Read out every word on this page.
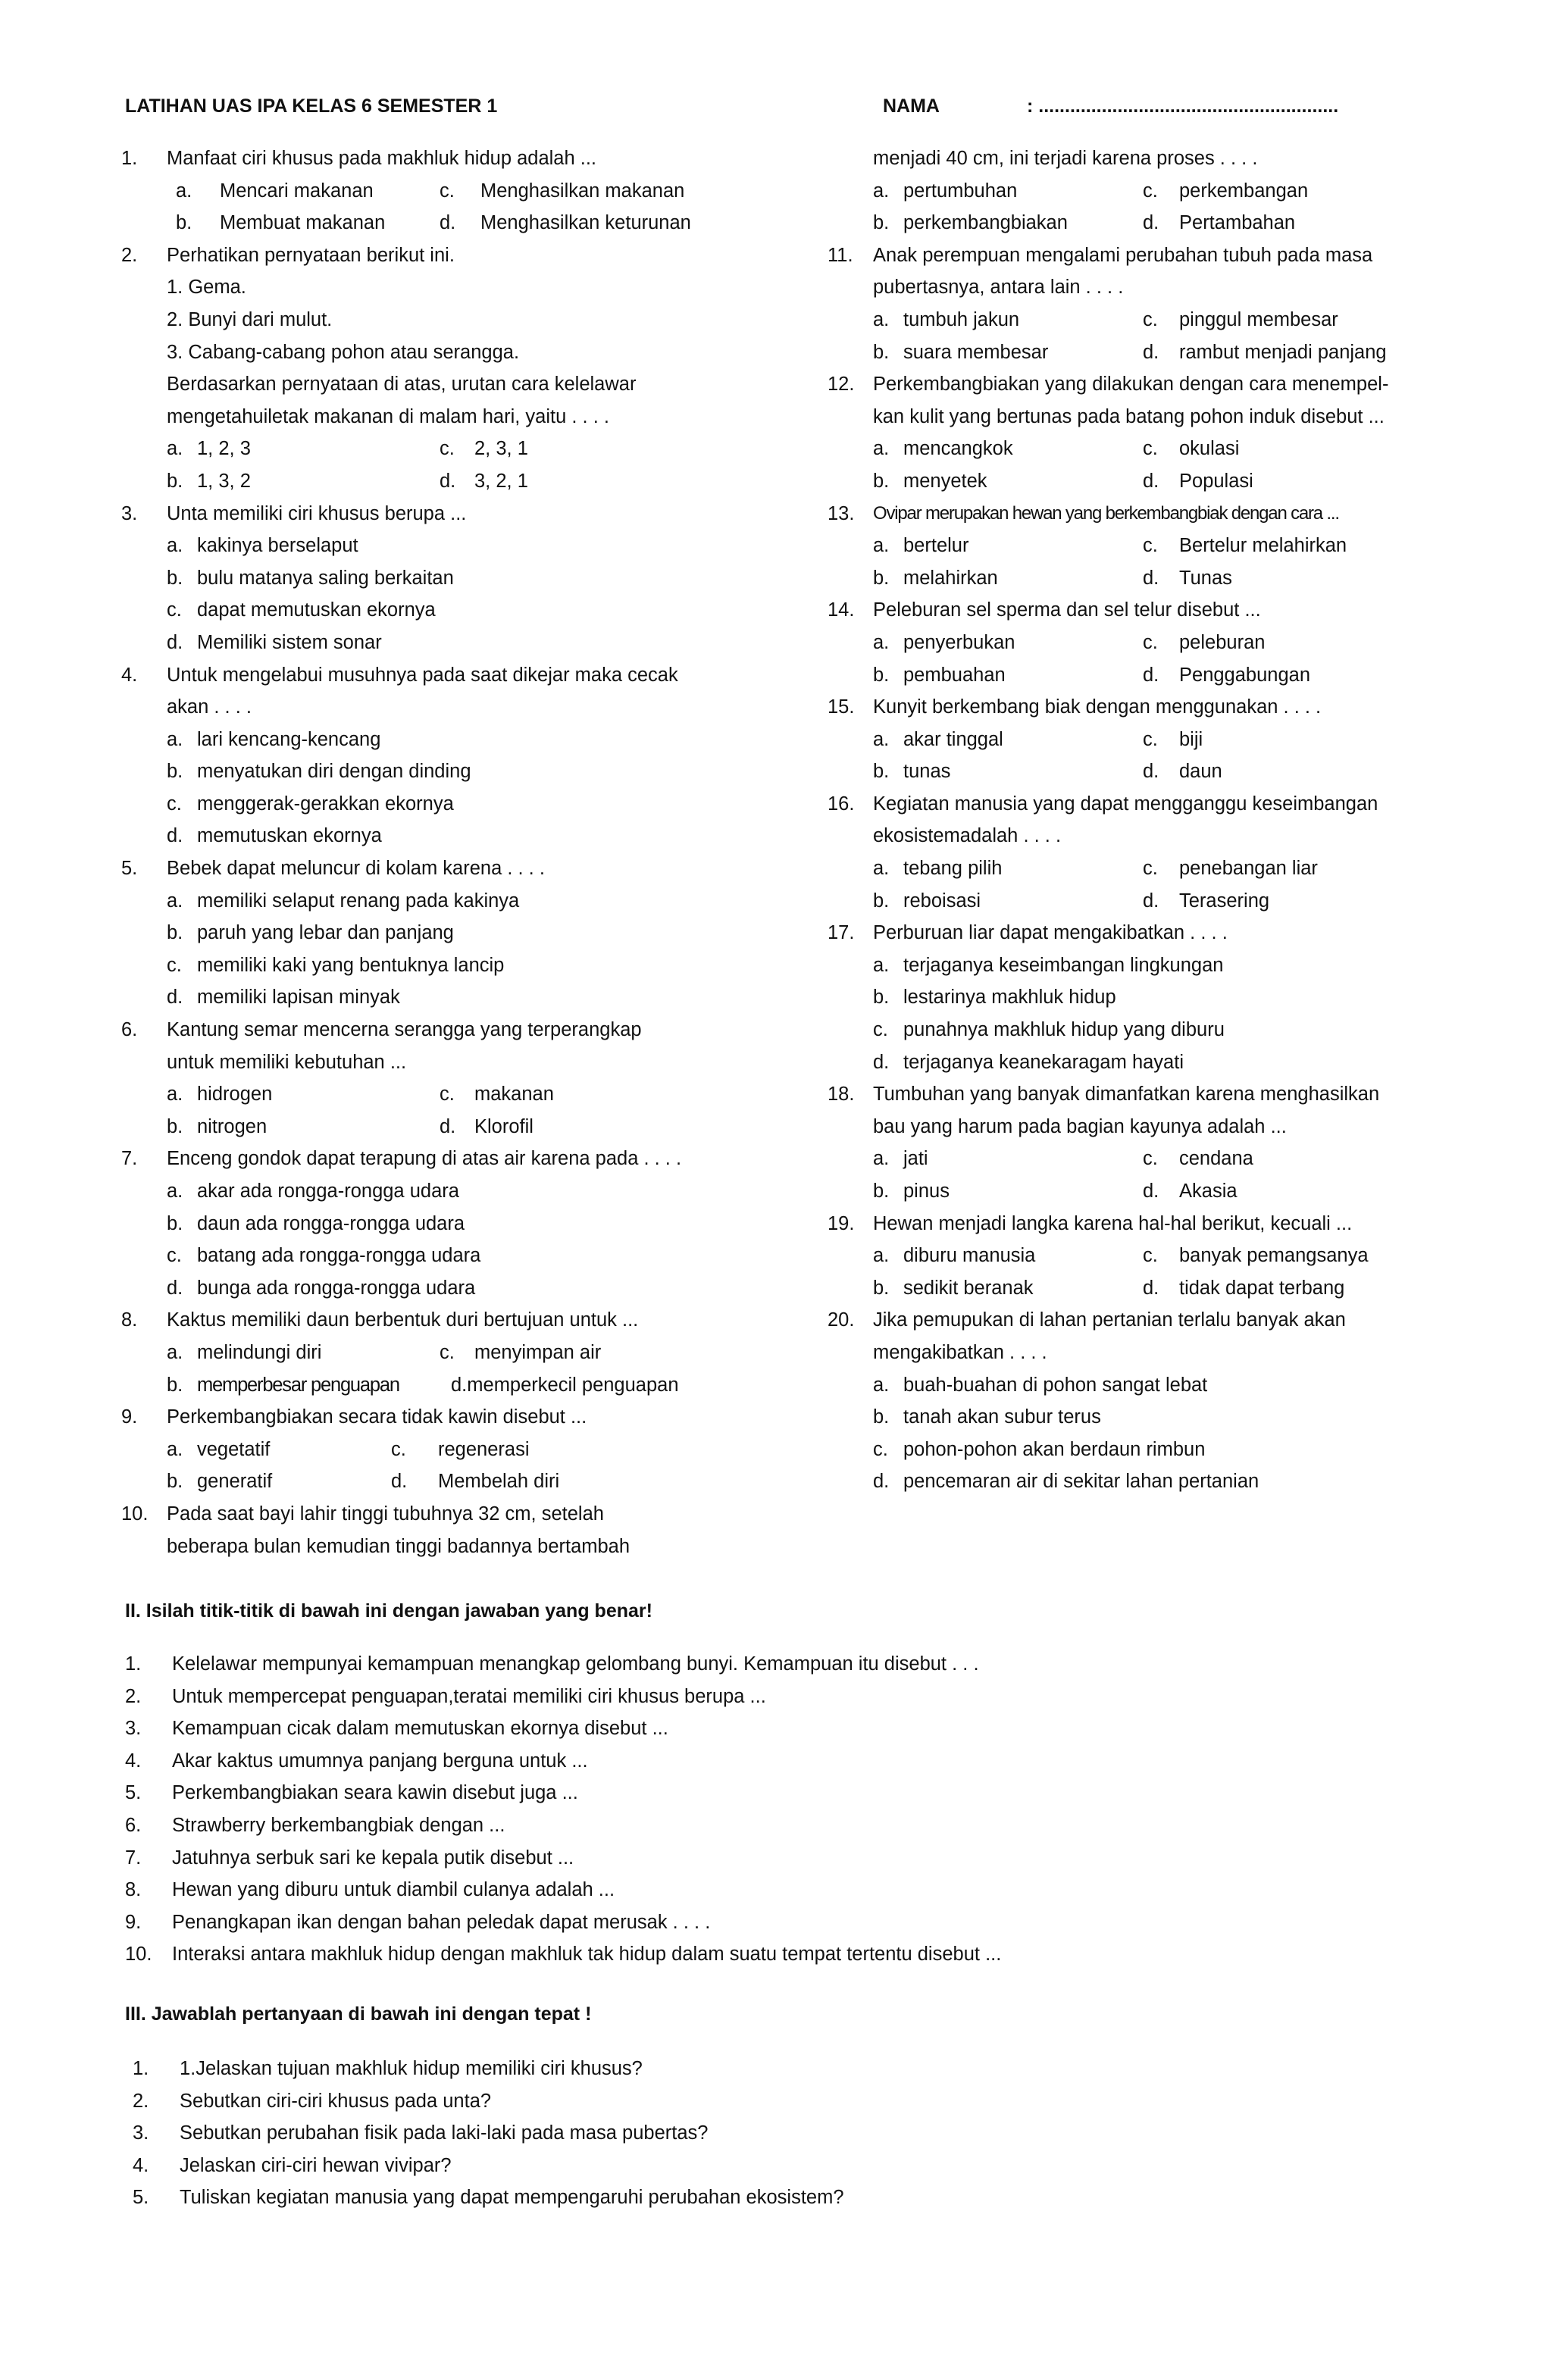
LATIHAN UAS IPA KELAS 6 SEMESTER 1	NAMA	: .........................................................
1. Manfaat ciri khusus pada makhluk hidup adalah ...
a. Mencari makanan	c. Menghasilkan makanan
b. Membuat makanan	d. Menghasilkan keturunan
2. Perhatikan pernyataan berikut ini.
1. Gema.
2. Bunyi dari mulut.
3. Cabang-cabang pohon atau serangga.
Berdasarkan pernyataan di atas, urutan cara kelelawar
mengetahuiletak makanan di malam hari, yaitu . . . .
a. 1, 2, 3	c. 2, 3, 1
b. 1, 3, 2	d. 3, 2, 1
3. Unta memiliki ciri khusus berupa ...
a. kakinya berselaput
b. bulu matanya saling berkaitan
c. dapat memutuskan ekornya
d. Memiliki sistem sonar
4. Untuk mengelabui musuhnya pada saat dikejar maka cecak
akan . . . .
a. lari kencang-kencang
b. menyatukan diri dengan dinding
c. menggerak-gerakkan ekornya
d. memutuskan ekornya
5. Bebek dapat meluncur di kolam karena . . . .
a. memiliki selaput renang pada kakinya
b. paruh yang lebar dan panjang
c. memiliki kaki yang bentuknya lancip
d. memiliki lapisan minyak
6. Kantung semar mencerna serangga yang terperangkap
untuk memiliki kebutuhan ...
a. hidrogen	c. makanan
b. nitrogen	d. Klorofil
7. Enceng gondok dapat terapung di atas air karena pada . . . .
a. akar ada rongga-rongga udara
b. daun ada rongga-rongga udara
c. batang ada rongga-rongga udara
d. bunga ada rongga-rongga udara
8. Kaktus memiliki daun berbentuk duri bertujuan untuk ...
a. melindungi diri	c. menyimpan air
b. memperbesar penguapan	d.memperkecil penguapan
9. Perkembangbiakan secara tidak kawin disebut ...
a. vegetatif	c. regenerasi
b. generatif	d. Membelah diri
10. Pada saat bayi lahir tinggi tubuhnya 32 cm, setelah
beberapa bulan kemudian tinggi badannya bertambah
menjadi 40 cm, ini terjadi karena proses . . . .
a. pertumbuhan	c. perkembangan
b. perkembangbiakan	d. Pertambahan
11. Anak perempuan mengalami perubahan tubuh pada masa
pubertasnya, antara lain . . . .
a. tumbuh jakun	c. pinggul membesar
b. suara membesar	d. rambut menjadi panjang
12. Perkembangbiakan yang dilakukan dengan cara menempel-
kan kulit yang bertunas pada batang pohon induk disebut ...
a. mencangkok	c. okulasi
b. menyetek	d. Populasi
13. Ovipar merupakan hewan yang berkembangbiak dengan cara ...
a. bertelur	c. Bertelur melahirkan
b. melahirkan	d. Tunas
14. Peleburan sel sperma dan sel telur disebut ...
a. penyerbukan	c. peleburan
b. pembuahan	d. Penggabungan
15. Kunyit berkembang biak dengan menggunakan . . . .
a. akar tinggal	c. biji
b. tunas	d. daun
16. Kegiatan manusia yang dapat mengganggu keseimbangan
ekosistemadalah . . . .
a. tebang pilih	c. penebangan liar
b. reboisasi	d. Terasering
17. Perburuan liar dapat mengakibatkan . . . .
a. terjaganya keseimbangan lingkungan
b. lestarinya makhluk hidup
c. punahnya makhluk hidup yang diburu
d. terjaganya keanekaragam hayati
18. Tumbuhan yang banyak dimanfatkan karena menghasilkan
bau yang harum pada bagian kayunya adalah ...
a. jati	c. cendana
b. pinus	d. Akasia
19. Hewan menjadi langka karena hal-hal berikut, kecuali ...
a. diburu manusia	c. banyak pemangsanya
b. sedikit beranak	d. tidak dapat terbang
20. Jika pemupukan di lahan pertanian terlalu banyak akan
mengakibatkan . . . .
a. buah-buahan di pohon sangat lebat
b. tanah akan subur terus
c. pohon-pohon akan berdaun rimbun
d. pencemaran air di sekitar lahan pertanian
II. Isilah titik-titik di bawah ini dengan jawaban yang benar!
1. Kelelawar mempunyai kemampuan menangkap gelombang bunyi. Kemampuan itu disebut . . .
2. Untuk mempercepat penguapan,teratai memiliki ciri khusus berupa ...
3. Kemampuan cicak dalam memutuskan ekornya disebut ...
4. Akar kaktus umumnya panjang berguna untuk ...
5. Perkembangbiakan seara kawin disebut juga ...
6. Strawberry berkembangbiak dengan ...
7. Jatuhnya serbuk sari ke kepala putik disebut ...
8. Hewan yang diburu untuk diambil culanya adalah ...
9. Penangkapan ikan dengan bahan peledak dapat merusak . . . .
10. Interaksi antara makhluk hidup dengan makhluk tak hidup dalam suatu tempat tertentu disebut ...
III. Jawablah pertanyaan di bawah ini dengan tepat !
1. 1.Jelaskan tujuan makhluk hidup memiliki ciri khusus?
2. Sebutkan ciri-ciri khusus pada unta?
3. Sebutkan perubahan fisik pada laki-laki pada masa pubertas?
4. Jelaskan ciri-ciri hewan vivipar?
5. Tuliskan kegiatan manusia yang dapat mempengaruhi perubahan ekosistem?
